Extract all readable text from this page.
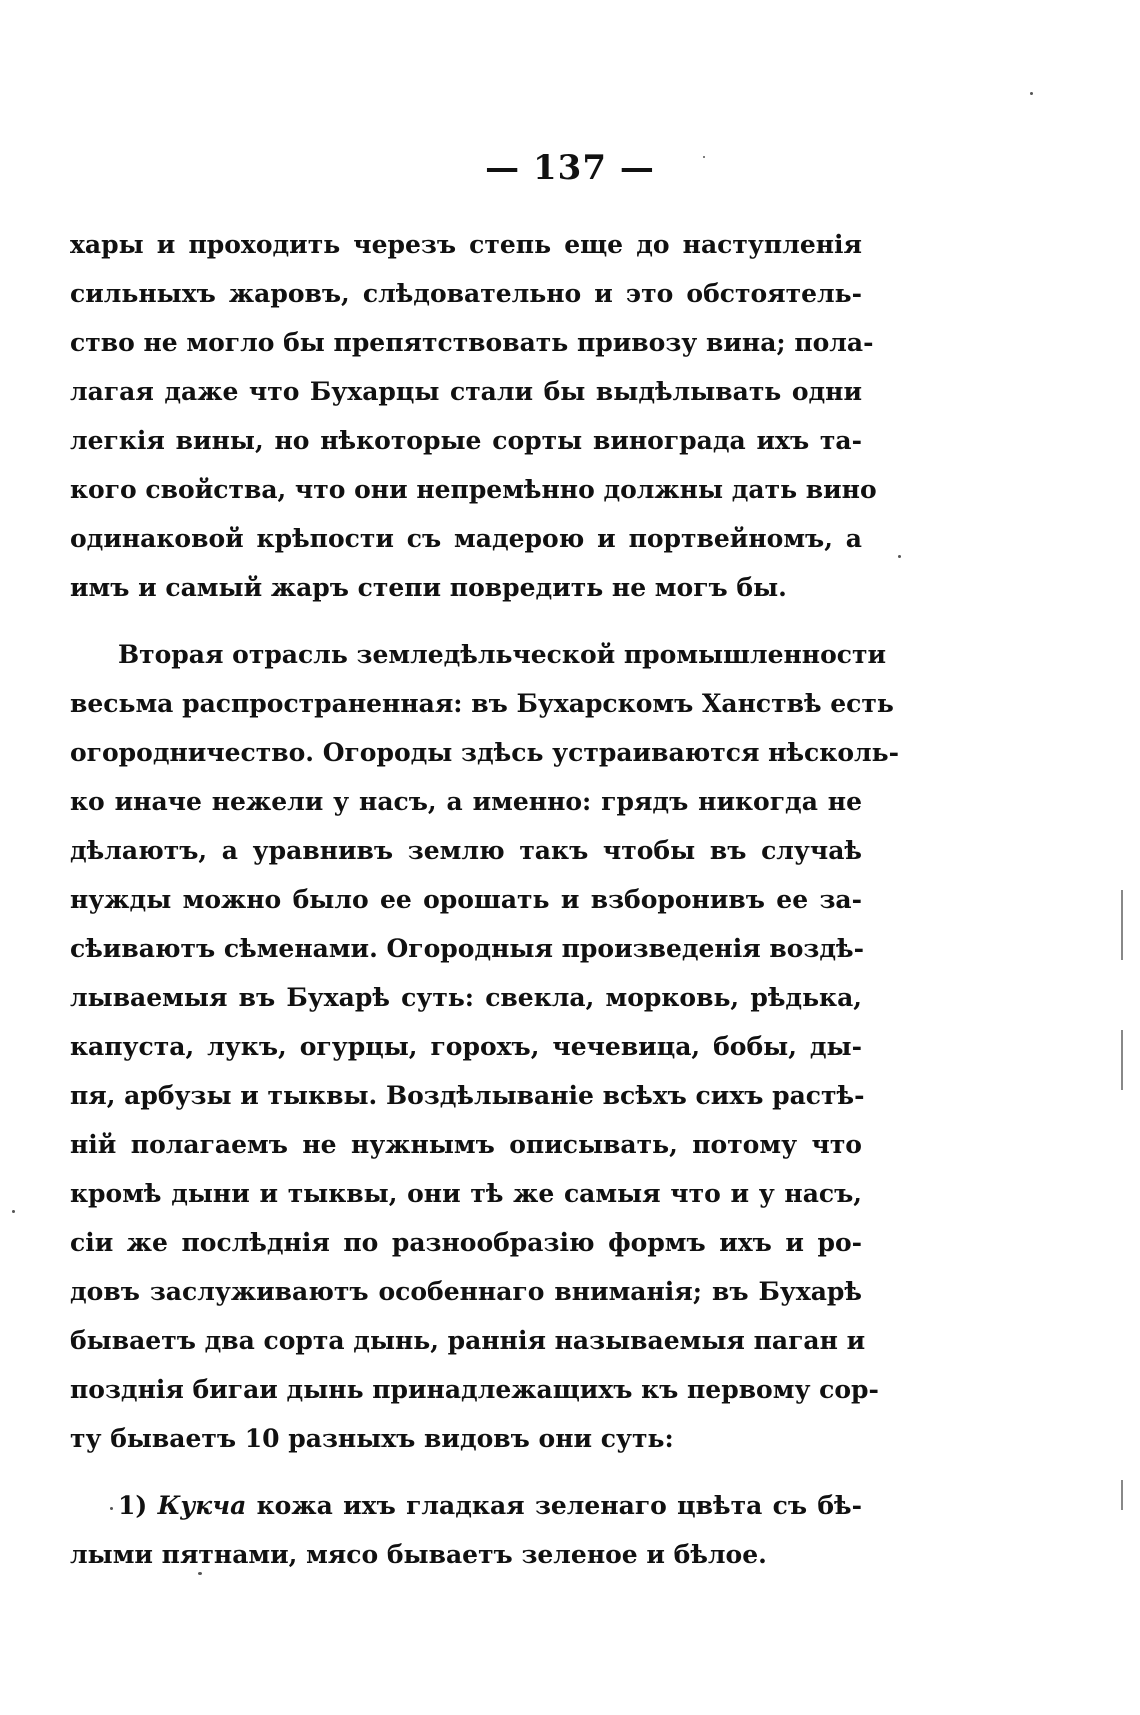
— 137 —
хары и проходить черезъ степь еще до наступленія
сильныхъ жаровъ, слѣдовательно и это обстоятель-
ство не могло бы препятствовать привозу вина; пола-
лагая даже что Бухарцы стали бы выдѣлывать одни
легкія вины, но нѣкоторые сорты винограда ихъ та-
кого свойства, что они непремѣнно должны дать вино
одинаковой крѣпости съ мадерою и портвейномъ, а
имъ и самый жаръ степи повредить не могъ бы.
Вторая отрасль земледѣльческой промышленности
весьма распространенная: въ Бухарскомъ Ханствѣ есть
огородничество. Огороды здѣсь устраиваются нѣсколь-
ко иначе нежели у насъ, а именно: грядъ никогда не
дѣлаютъ, а уравнивъ землю такъ чтобы въ случаѣ
нужды можно было ее орошать и взборонивъ ее за-
сѣиваютъ сѣменами. Огородныя произведенія воздѣ-
лываемыя въ Бухарѣ суть: свекла, морковь, рѣдька,
капуста, лукъ, огурцы, горохъ, чечевица, бобы, ды-
пя, арбузы и тыквы. Воздѣлываніе всѣхъ сихъ растѣ-
ній полагаемъ не нужнымъ описывать, потому что
кромѣ дыни и тыквы, они тѣ же самыя что и у насъ,
сіи же послѣднія по разнообразію формъ ихъ и ро-
довъ заслуживаютъ особеннаго вниманія; въ Бухарѣ
бываетъ два сорта дынь, раннія называемыя паган и
позднія бигаи дынь принадлежащихъ къ первому сор-
ту бываетъ 10 разныхъ видовъ они суть:
1) Кукча кожа ихъ гладкая зеленаго цвѣта съ бѣ-
лыми пятнами, мясо бываетъ зеленое и бѣлое.
